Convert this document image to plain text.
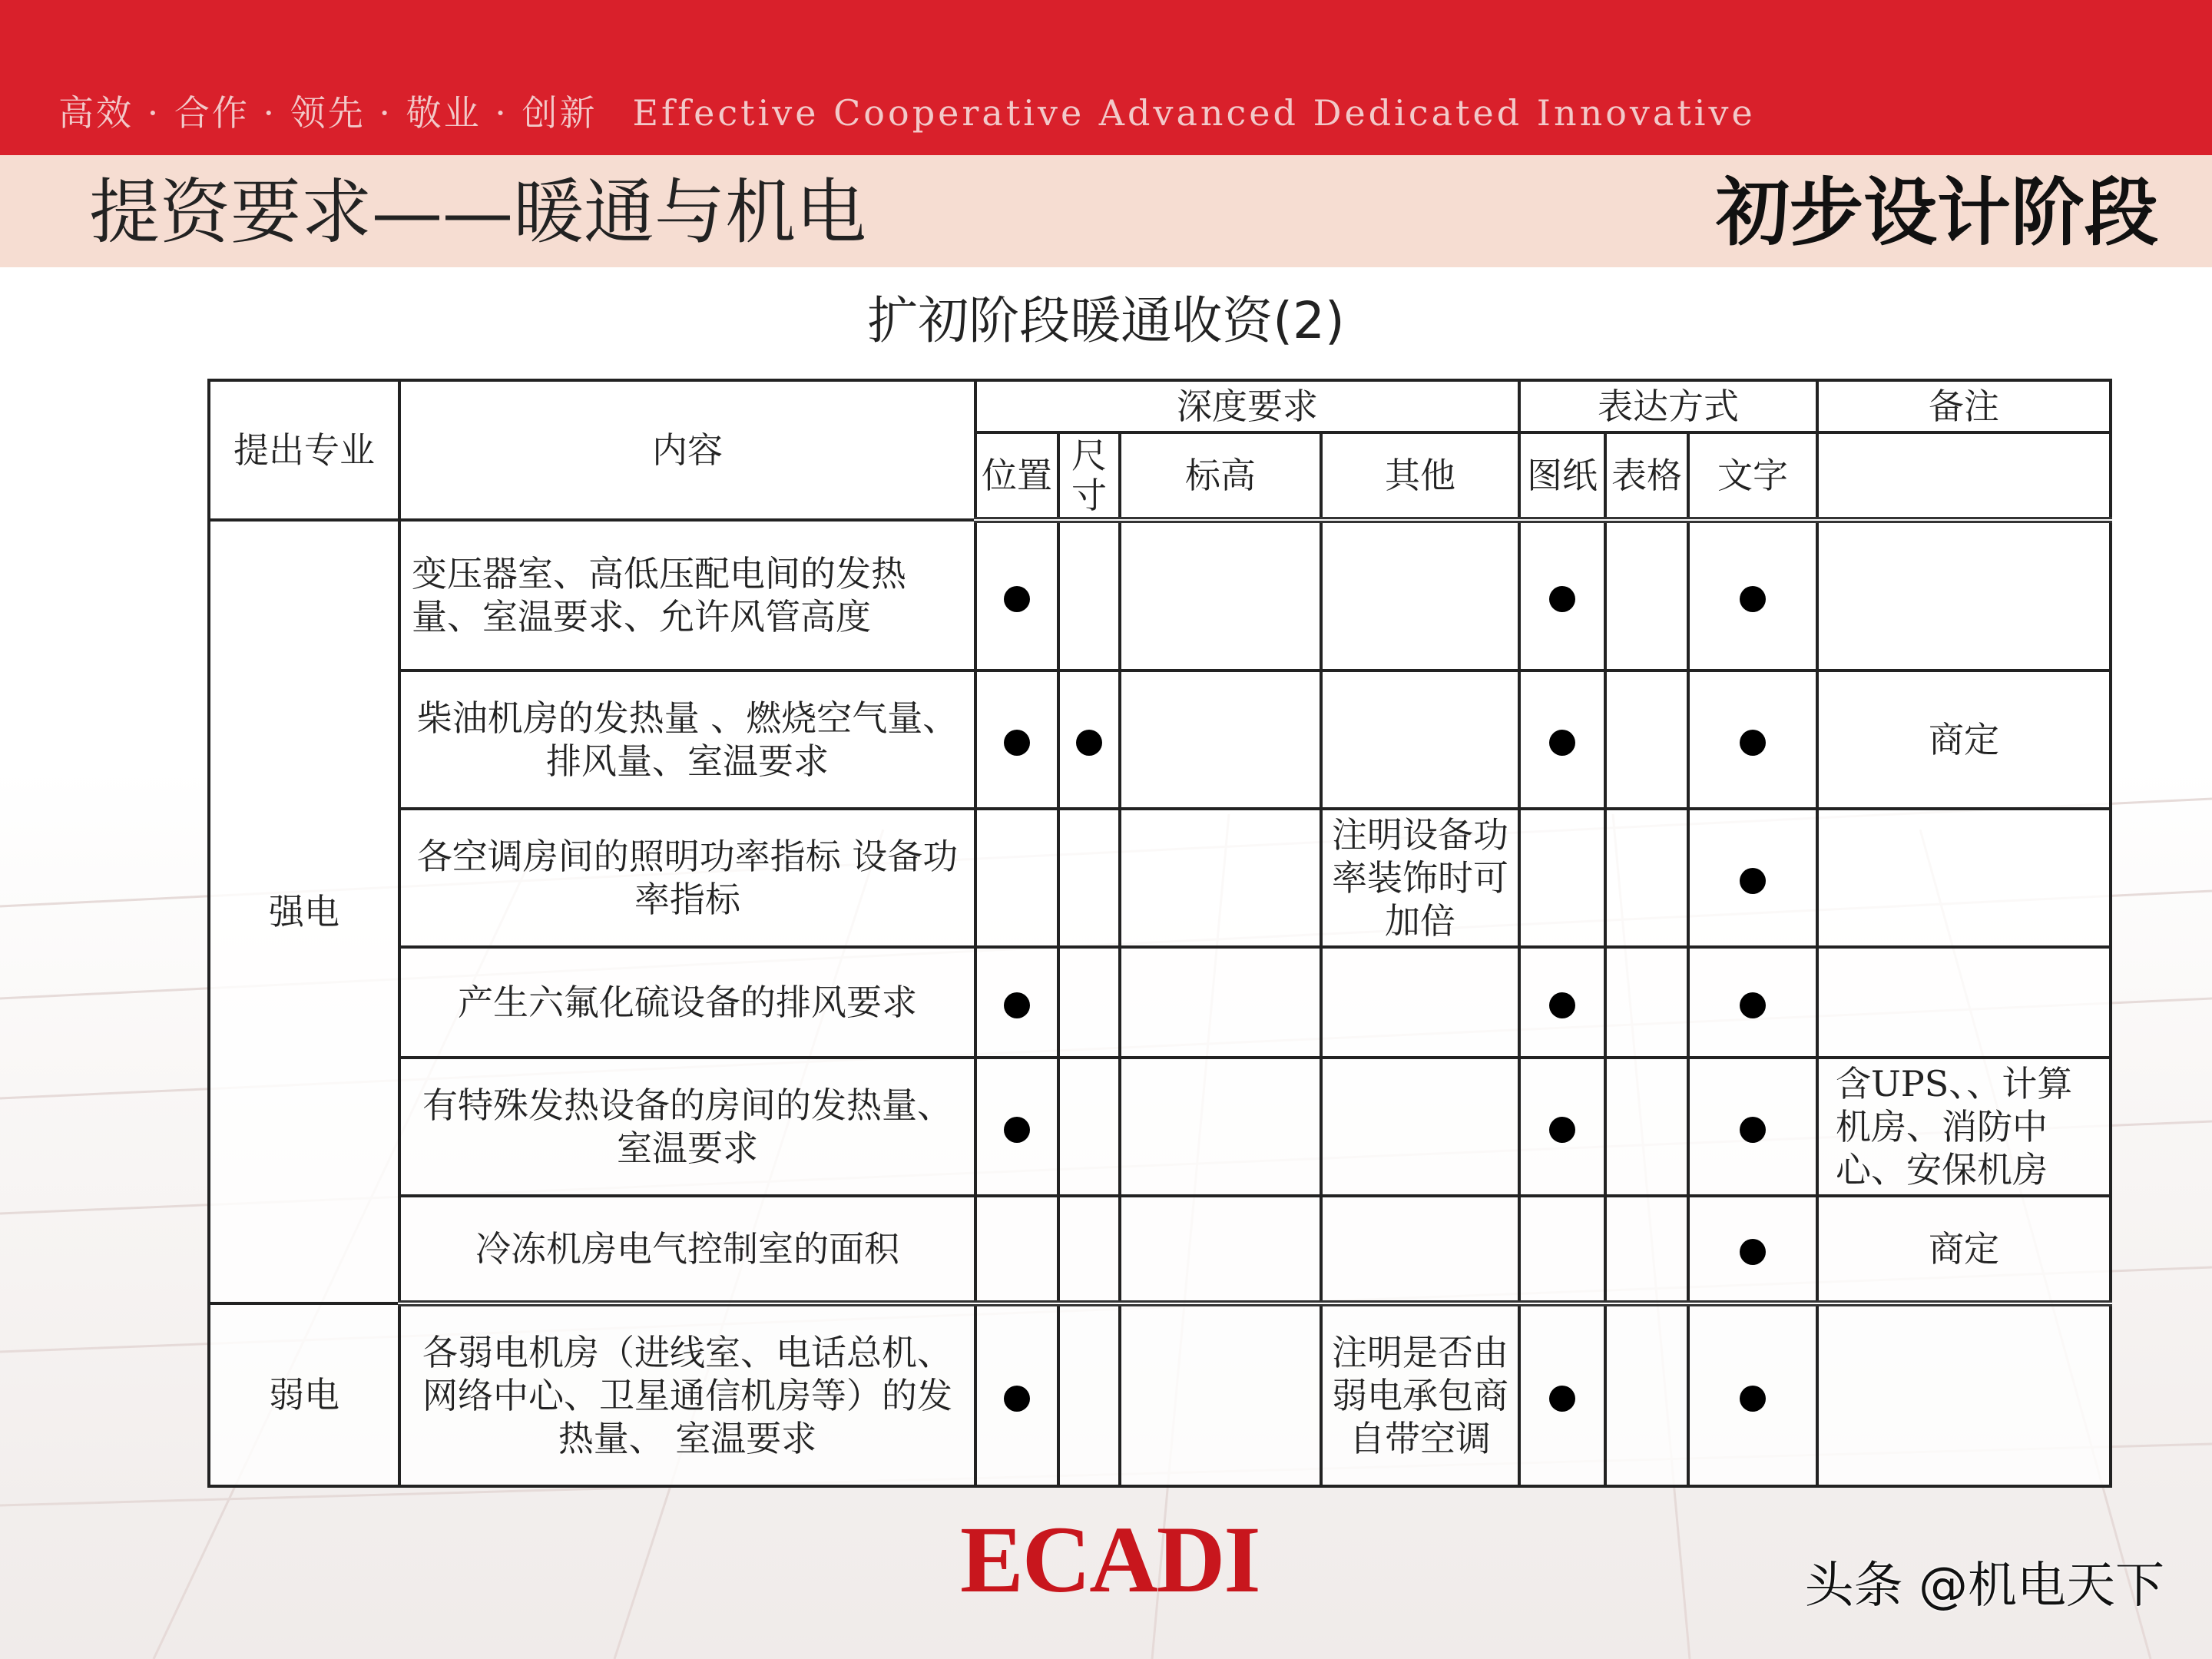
高效 · 合作 · 领先 · 敬业 · 创新 Effective Cooperative Advanced Dedicated Innovative
提资要求——暖通与机电	初步设计阶段
扩初阶段暖通收资(2)
提出专业	内容	深度要求				表达方式			备注
		位置	尺寸	标高	其他	图纸	表格	文字	
强电	变压器室、高低压配电间的发热量、室温要求、允许风管高度								
	柴油机房的发热量 、燃烧空气量、排风量、室温要求								商定
	各空调房间的照明功率指标 设备功率指标				注明设备功率装饰时可加倍				
	产生六氟化硫设备的排风要求								
	有特殊发热设备的房间的发热量、室温要求								含UPS、、计算机房、消防中心、安保机房
	冷冻机房电气控制室的面积								商定
弱电	各弱电机房（进线室、电话总机、网络中心、卫星通信机房等）的发热量、 室温要求				注明是否由弱电承包商自带空调				
ECADI	头条 @机电天下
